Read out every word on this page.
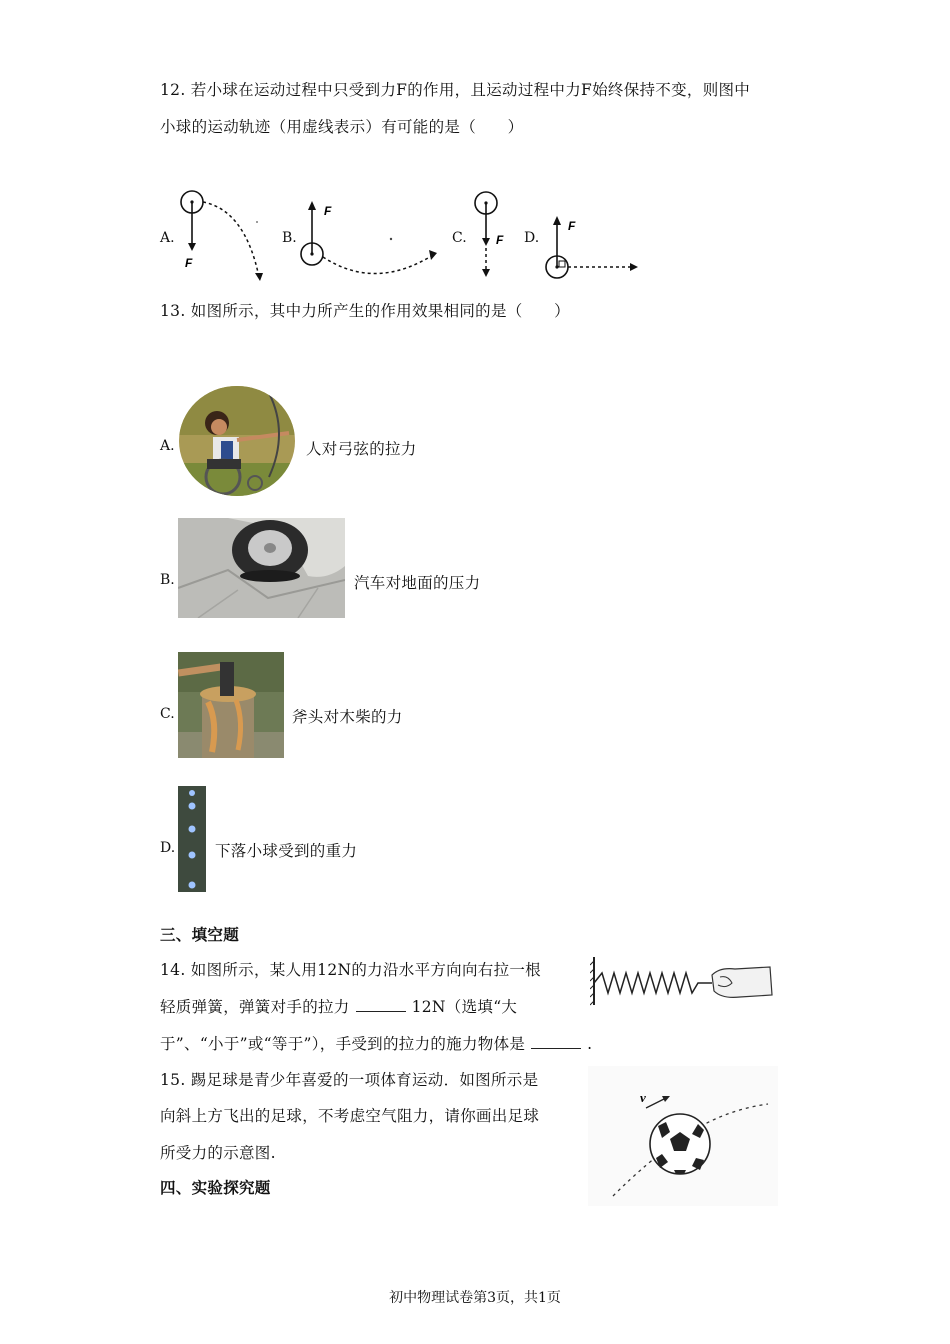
12. 若小球在运动过程中只受到力F的作用，且运动过程中力F始终保持不变，则图中
小球的运动轨迹（用虚线表示）有可能的是（　　）
A.
F
B.
F
C. F D.
F
13. 如图所示，其中力所产生的作用效果相同的是（　　）
A.	人对弓弦的拉力
B.	汽车对地面的压力
C.	斧头对木柴的力
D.	下落小球受到的重力
三、填空题
14. 如图所示，某人用12N的力沿水平方向向右拉一根
轻质弹簧，弹簧对手的拉力	12N（选填“大
于”、“小于”或“等于”），手受到的拉力的施力物体是	.
15. 踢足球是青少年喜爱的一项体育运动．如图所示是
向斜上方飞出的足球，不考虑空气阻力，请你画出足球
所受力的示意图.
v
四、实验探究题
初中物理试卷第3页，共1页
